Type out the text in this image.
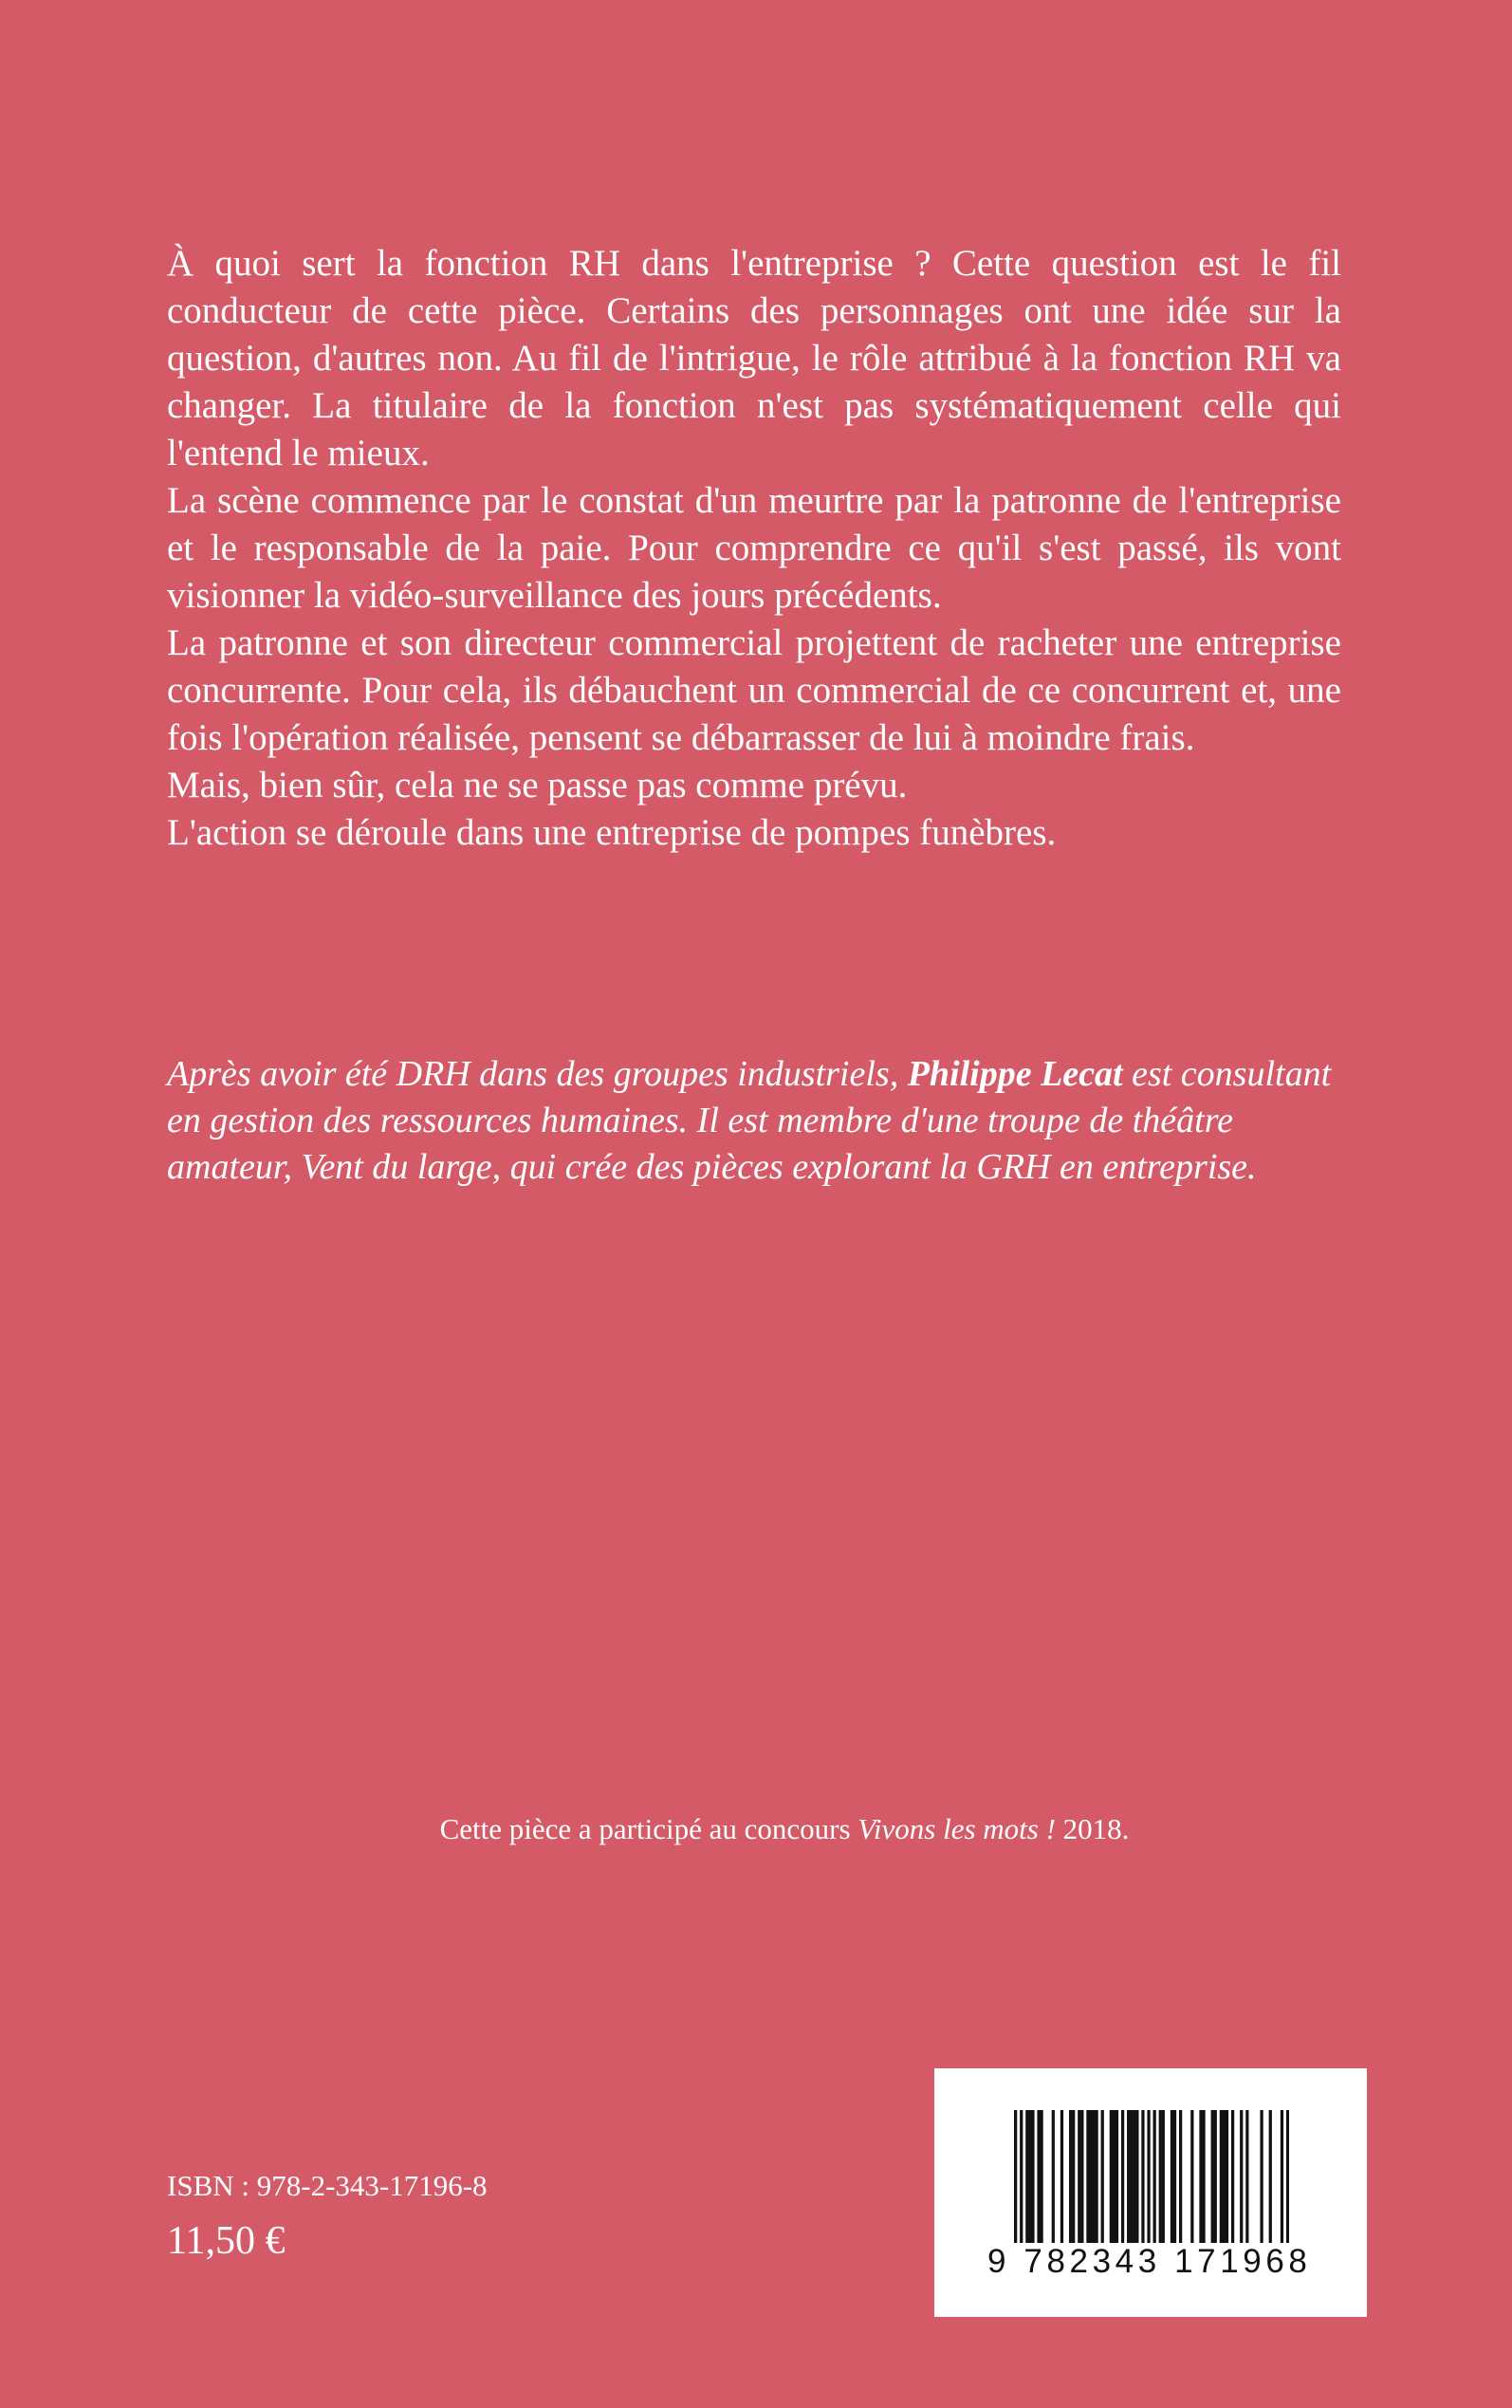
À quoi sert la fonction RH dans l'entreprise ? Cette question est le fil conducteur de cette pièce. Certains des personnages ont une idée sur la question, d'autres non. Au fil de l'intrigue, le rôle attribué à la fonction RH va changer. La titulaire de la fonction n'est pas systématiquement celle qui l'entend le mieux.

La scène commence par le constat d'un meurtre par la patronne de l'entreprise et le responsable de la paie. Pour comprendre ce qu'il s'est passé, ils vont visionner la vidéo-surveillance des jours précédents.

La patronne et son directeur commercial projettent de racheter une entreprise concurrente. Pour cela, ils débauchent un commercial de ce concurrent et, une fois l'opération réalisée, pensent se débarrasser de lui à moindre frais.

Mais, bien sûr, cela ne se passe pas comme prévu.

L'action se déroule dans une entreprise de pompes funèbres.

Après avoir été DRH dans des groupes industriels, Philippe Lecat est consultant en gestion des ressources humaines. Il est membre d'une troupe de théâtre amateur, Vent du large, qui crée des pièces explorant la GRH en entreprise.

Cette pièce a participé au concours Vivons les mots ! 2018.

ISBN : 978-2-343-17196-8
11,50 €	9 782343 171968
